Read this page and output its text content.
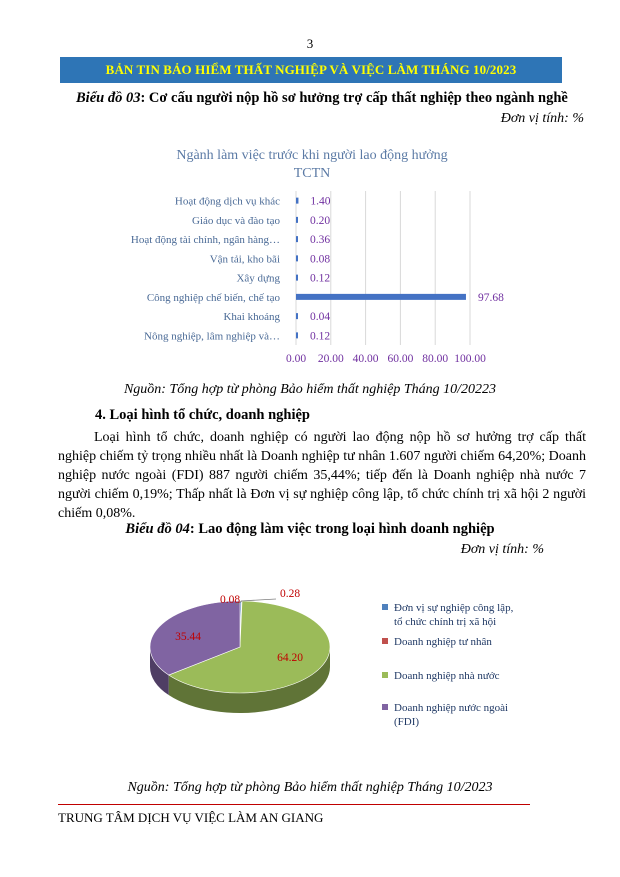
3
BẢN TIN BẢO HIỂM THẤT NGHIỆP VÀ VIỆC LÀM THÁNG 10/2023
Biểu đồ 03: Cơ cấu người nộp hồ sơ hưởng trợ cấp thất nghiệp theo ngành nghề
Đơn vị tính: %
Ngành làm việc trước khi người lao động hưởng
TCTN
Hoạt động dịch vụ khác
Giáo dục và đào tạo
Hoạt động tài chính, ngân hàng…
Vận tải, kho bãi
Xây dựng
Công nghiệp chế biến, chế tạo
Khai khoáng
Nông nghiệp, lâm nghiệp và…
1.40
0.20
0.36
0.08
0.12
97.68
0.04
0.12
0.00 20.00 40.00 60.00 80.00 100.00
Nguồn: Tổng hợp từ phòng Bảo hiểm thất nghiệp Tháng 10/20223
4. Loại hình tổ chức, doanh nghiệp
Loại hình tổ chức, doanh nghiệp có người lao động nộp hồ sơ hưởng trợ cấp thất nghiệp chiếm tỷ trọng nhiều nhất là Doanh nghiệp tư nhân 1.607 người chiếm 64,20%; Doanh nghiệp nước ngoài (FDI) 887 người chiếm 35,44%; tiếp đến là Doanh nghiệp nhà nước 7 người chiếm 0,19%; Thấp nhất là Đơn vị sự nghiệp công lập, tổ chức chính trị xã hội 2 người chiếm 0,08%.
Biểu đồ 04: Lao động làm việc trong loại hình doanh nghiệp
Đơn vị tính: %
0.28
0.08
64.20
35.44
Đơn vị sự nghiệp công lập,
tổ chức chính trị xã hội
Doanh nghiệp tư nhân
Doanh nghiệp nhà nước
Doanh nghiệp nước ngoài
(FDI)
Nguồn: Tổng hợp từ phòng Bảo hiểm thất nghiệp Tháng 10/2023
TRUNG TÂM DỊCH VỤ VIỆC LÀM AN GIANG
